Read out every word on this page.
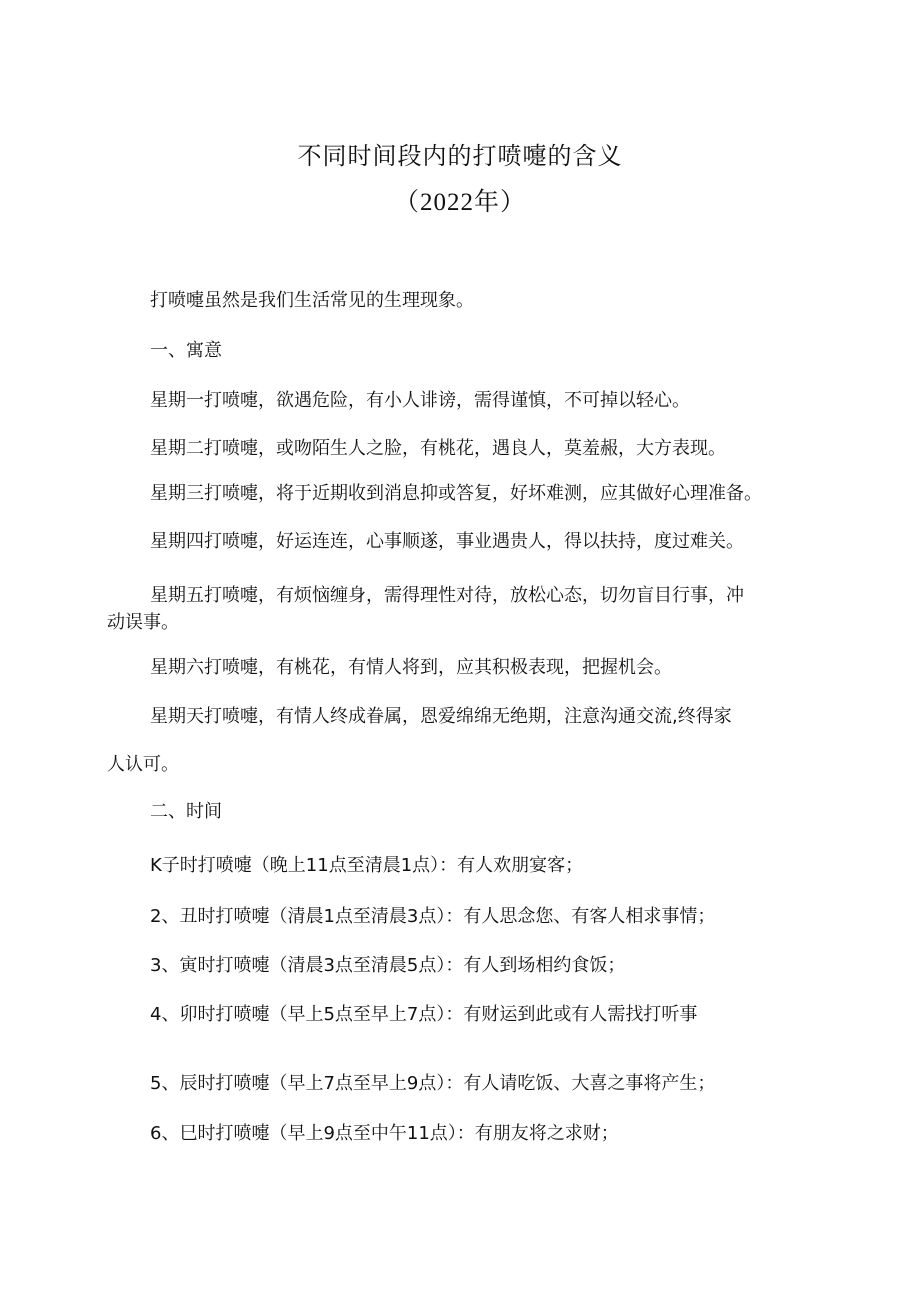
不同时间段内的打喷嚏的含义
（2022年）
打喷嚏虽然是我们生活常见的生理现象。
一、寓意
星期一打喷嚏，欲遇危险，有小人诽谤，需得谨慎，不可掉以轻心。
星期二打喷嚏，或吻陌生人之脸，有桃花，遇良人，莫羞赧，大方表现。
星期三打喷嚏，将于近期收到消息抑或答复，好坏难测，应其做好心理准备。
星期四打喷嚏，好运连连，心事顺遂，事业遇贵人，得以扶持，度过难关。
星期五打喷嚏，有烦恼缠身，需得理性对待，放松心态，切勿盲目行事，冲
动误事。
星期六打喷嚏，有桃花，有情人将到，应其积极表现，把握机会。
星期天打喷嚏，有情人终成眷属，恩爱绵绵无绝期，注意沟通交流,终得家
人认可。
二、时间
K子时打喷嚏（晚上11点至清晨1点）：有人欢朋宴客；
2、丑时打喷嚏（清晨1点至清晨3点）：有人思念您、有客人相求事情；
3、寅时打喷嚏（清晨3点至清晨5点）：有人到场相约食饭；
4、卯时打喷嚏（早上5点至早上7点）：有财运到此或有人需找打听事
5、辰时打喷嚏（早上7点至早上9点）：有人请吃饭、大喜之事将产生；
6、巳时打喷嚏（早上9点至中午11点）：有朋友将之求财；
